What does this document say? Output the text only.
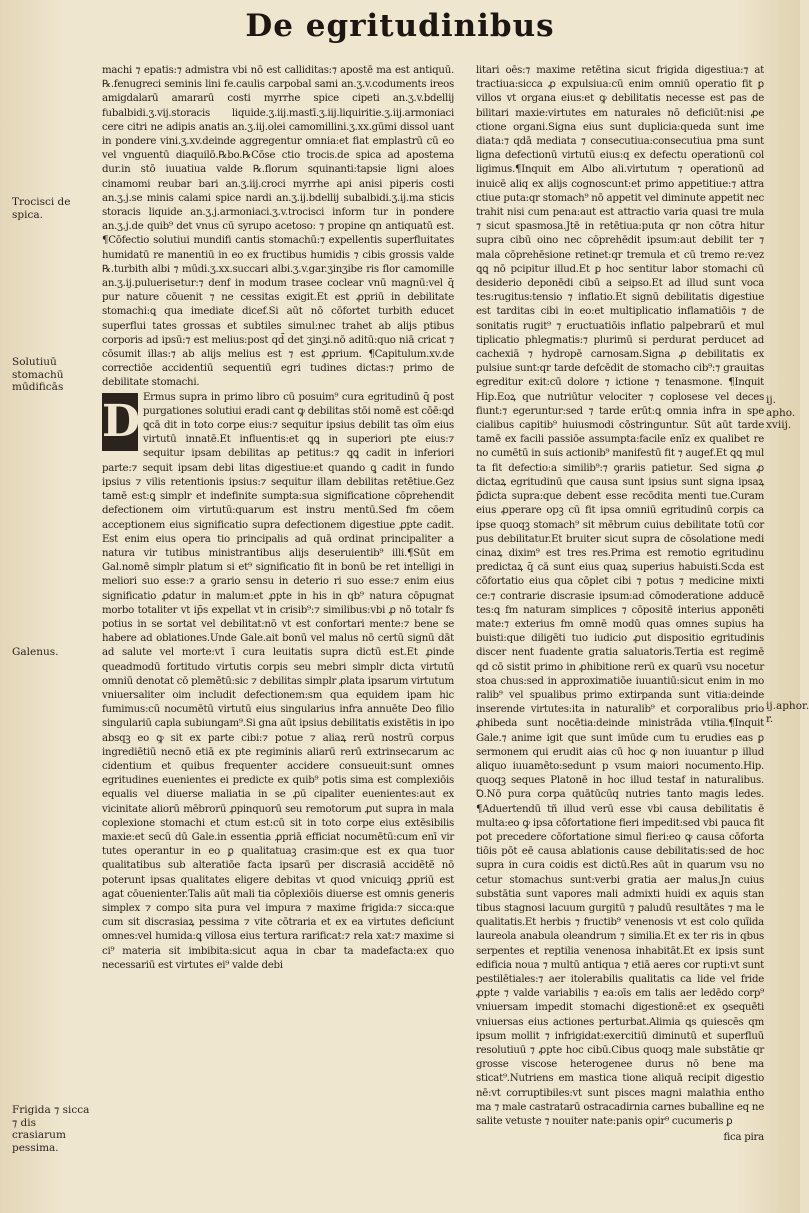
De egritudinibus

machi ⁊ epatis:⁊ admistra vbi nō est calliditas:⁊ apostē ma est antiquū. ℞.fenugreci seminis lini fe.caulis carpobal sami an.ʒ.v.coduments ireos amigdalarū amararū costi myrrhe spice cipeti an.ʒ.v.bdellij fubalbidi.ʒ.vij.storacis liquide.ʒ.iij.mastī.ʒ.iij.liquiritie.ʒ.iij.armoniaci cere citri ne adipis anatis an.ʒ.iij.olei camomillini.ʒ.xx.gūmi dissol uant in pondere vini.ʒ.xv.deinde aggregentur omnia:et fiat emplastrū cū eo vel vnguentū diaquilō.℞bo.℞Cōse ctio trocis.de spica ad apostema dur.in stō iuuatiua valde ℞.florum squinanti:tapsie ligni aloes cinamomi reubar bari an.ʒ.iij.croci myrrhe api anisi piperis costi an.ʒ.j.se minis calami spice nardi an.ʒ.ij.bdellij subalbidi.ʒ.ij.ma sticis storacis liquide an.ʒ.j.armoniaci.ʒ.v.trocisci inform tur in pondere an.ʒ.j.de quib⁹ det vnus cū syrupo acetoso: ⁊ propine qn antiquatū est. ¶Cōfectio solutiui mundifi cantis stomachū:⁊ expellentis superfluitates humidatū re manentiū in eo ex fructibus humidis ⁊ cibis grossis valde ℞.turbith albi ⁊ mūdi.ʒ.xx.succari albi.ʒ.v.gar.ʒinʒibe ris flor camomille an.ʒ.ij.puluerisetur:⁊ denf in modum trasee coclear vnū magnū:vel q̄ pur nature cōuenit ⁊ ne cessitas exigit.Et est ꝓpriū in debilitate stomachi:ꝗ qua imediate dicef.Si aūt nō cōfortet turbith educet superflui tates grossas et subtiles simul:nec trahet ab alijs ptibus corporis ad ipsū:⁊ est melius:post qd̄ det ʒinʒi.nō aditū:quo niā cricat ⁊ cōsumit illas:⁊ ab alijs melius est ⁊ est ꝓprium. ¶Capitulum.xv.de correctiōe accidentiū sequentiū egri tudines dictas:⁊ primo de debilitate stomachi.

D Ermus supra in primo libro cū posuim⁹ cura egritudinū q̄ post purgationes solutiui eradi cant ꝙ debilitas stōi nomē est cōē:ꝗd ꝗcā dit in toto corpe eius:⁊ sequitur ipsius debilit tas oīm eius virtutū innatē.Et influentis:et ꝗꝗ in superiori pte eius:⁊ sequitur ipsam debilitas ap petitus:⁊ ꝗꝗ cadit in inferiori parte:⁊ sequit ipsam debi litas digestiue:et quando ꝗ cadit in fundo ipsius ⁊ vilis retentionis ipsius:⁊ sequitur illam debilitas retētiue.Gez tamē est:ꝗ simplr et indefinite sumpta:sua significatione cōprehendit defectionem oim virtutū:quarum est instru mentū.Sed fm cōem acceptionem eius significatio supra defectionem digestiue ꝓpte cadit. Est enim eius opera tio principalis ad quā ordinat principaliter a natura vir tutibus ministrantibus alijs deseruientib⁹ illi.¶Sūt em Gal.nomē simplr platum si et⁹ significatio fit in bonū be ret intelligi in meliori suo esse:⁊ a ꝯrario sensu in deterio ri suo esse:⁊ enim eius significatio ꝓdatur in malum:et ꝓpte in his in qb⁹ natura cōpugnat morbo totaliter vt ip̄s expellat vt in crisib⁹:⁊ similibus:vbi ꝓ nō totalr fs potius in se sortat vel debilitat:nō vt est confortari mente:⁊ bene se habere ad oblationes.Unde Gale.ait bonū vel malus nō certū signū dāt ad salute vel morte:vt ī cura leuitatis supra dictū est.Et ꝓinde queadmodū fortitudo virtutis corpis seu mebri simplr dicta virtutū omniū denotat cō plemētū:sic ⁊ debilitas simplr ꝓlata ipsarum virtutum vniuersaliter oim includit defectionem:sm qua equidem ipam hic fumimus:cū nocumētū virtutū eius singularius infra annuēte Deo filio singulariū capla subiungam⁹.Si gna aūt ipsius debilitatis existētis in ipo absqꝫ eo ꝙ sit ex parte cibi:⁊ potue ⁊ aliaꝝ rerū nostrū corpus ingrediētiū necnō etiā ex pte regiminis aliarū rerū extrinsecarum ac cidentium et quibus frequenter accidere consueuit:sunt omnes egritudines euenientes ei predicte ex quib⁹ potis sima est complexiōis equalis vel diuerse maliatia in se ꝓū cipaliter euenientes:aut ex vicinitate aliorū mēbrorū ꝓpinquorū seu remotorum ꝓut supra in mala coplexione stomachi et ctum est:cū sit in toto corpe eius extēsibilis maxie:et secū dū Gale.in essentia ꝓpriā efficiat nocumētū:cum enī vir tutes operantur in eo ꝑ qualitatuaꝫ crasim:que est ex qua tuor qualitatibus sub alteratiōe facta ipsarū per discrasiā accidētē nō poterunt ipsas qualitates eligere debitas vt quod vnicuiqꝫ ꝓpriū est agat cōuenienter.Talis aūt mali tia cōplexiōis diuerse est omnis generis simplex ⁊ compo sita pura vel impura ⁊ maxime frigida:⁊ sicca:que cum sit discrasiaꝝ pessima ⁊ vite cōtraria et ex ea virtutes deficiunt omnes:vel humida:ꝗ villosa eius tertura rarificat:⁊ rela xat:⁊ maxime si ci⁹ materia sit imbibita:sicut aqua in cbar ta madefacta:ex quo necessariū est virtutes ei⁹ valde debi

litari oēs:⁊ maxime retētina sicut frigida digestiua:⁊ at tractiua:sicca ꝓ expulsiua:cū enim omniū operatio fit ꝑ villos vt organa eius:et ꝙ debilitatis necesse est ꝑas de bilitari maxie:virtutes em naturales nō deficiūt:nisi ꝓe ctione organi.Signa eius sunt duplicia:queda sunt ime diata:⁊ qdā mediata ⁊ consecutiua:consecutiua pma sunt ligna defectionū virtutū eius:q ex defectu operationū col ligimus.¶Inquit em Albo ali.virtutum ⁊ operationū ad inuicē aliq ex alijs cognoscunt:et primo appetitiue:⁊ attra ctiue puta:qr stomach⁹ nō appetit vel diminute appetit nec trahit nisi cum pena:aut est attractio varia quasi tre mula ⁊ sicut spasmosa.Jtē in retētiua:puta qr non cōtra hitur supra cibū oino nec cōprehēdit ipsum:aut debilit ter ⁊ mala cōprehēsione retinet:qr tremula et cū tremo re:vez ꝗꝗ nō pcipitur illud.Et ꝑ hoc sentitur labor stomachi cū desiderio deponēdi cibū a seipso.Et ad illud sunt voca tes:rugitus:tensio ⁊ inflatio.Et signū debilitatis digestiue est tarditas cibi in eo:et multiplicatio inflamatiōis ⁊ de sonitatis rugit⁹ ⁊ eructuatiōis inflatio palpebrarū et mul tiplicatio phlegmatis:⁊ plurimū si perdurat perducet ad cachexiā ⁊ hydropē carnosam.Signa ꝓ debilitatis ex pulsiue sunt:qr tarde defcēdit de stomacho cib⁹:⁊ grauitas egreditur exit:cū dolore ⁊ ictione ⁊ tenasmone. ¶Inquit Hip.Eoꝝ que nutriūtur velociter ⁊ coplosese vel deces fiunt:⁊ egeruntur:sed ⁊ tarde erūt:ꝗ omnia infra in spe cialibus capitib⁹ huiusmodi cōstringuntur. Sūt aūt tarde tamē ex facili passiōe assumpta:facile enīz ex qualibet re no cumētū in suis actionib⁹ manifestū fit ⁊ augef.Et ꝗꝗ mul ta fit defectio:a similib⁹:⁊ ꝯrariis patietur. Sed signa ꝓ dictaꝝ egritudinū que causa sunt ipsius sunt signa ipsaꝝ p̄dicta supra:que debent esse recōdita menti tue.Curam eius ꝓperare opꝫ cū fit ipsa omniū egritudinū corpis ca ipse quoqꝫ stomach⁹ sit mēbrum cuius debilitate totū cor pus debilitatur.Et bruiter sicut supra de cōsolatione medi cinaꝝ dixim⁹ est tres res.Prima est remotio egritudinu predictaꝝ q̄ cā sunt eius quaꝝ superius habuisti.Scda est cōfortatio eius qua cōplet cibi ⁊ potus ⁊ medicine mixti ce:⁊ contrarie discrasie ipsum:ad cōmoderatione adducē tes:ꝗ fm naturam simplices ⁊ cōpositē interius apponēti mate:⁊ exterius fm omnē modū quas omnes supius ha buisti:que diligēti tuo iudicio ꝓut dispositio egritudinis discer nent fuadente gratia saluatoris.Tertia est regimē qd cō sistit primo in ꝓhibitione rerū ex quarū vsu nocetur stoa chus:sed in approximatiōe iuuantiū:sicut enim in mo ralib⁹ vel spualibus primo extirpanda sunt vitia:deinde inserende virtutes:ita in naturalib⁹ et corporalibus prio ꝓhibeda sunt nocētia:deinde ministrāda vtilia.¶Inquit Gale.⁊ anime igit que sunt imūde cum tu erudies eas ꝑ sermonem qui erudit aias cū hoc ꝙ non iuuantur p illud aliquo iuuamēto:sedunt p vsum maiori nocumento.Hip. quoqꝫ seques Platonē in hoc illud testaf in naturalibus. Ꝺ.Nō pura corpa quātūcūq nutries tanto magis ledes. ¶Aduertendū tñ illud verū esse vbi causa debilitatis ē multa:eo ꝙ ipsa cōfortatione fieri impedit:sed vbi pauca fit pot precedere cōfortatione simul fieri:eo ꝙ causa cōforta tiōis pōt eē causa ablationis cause debilitatis:sed de hoc supra in cura coidis est dictū.Res aūt in quarum vsu no cetur stomachus sunt:verbi gratia aer malus.Jn cuius substātia sunt vapores mali admixti huidi ex aquis stan tibus stagnosi lacuum gurgitū ⁊ paludū resultātes ⁊ ma le qualitatis.Et herbis ⁊ fructib⁹ venenosis vt est colo quīida laureola anabula oleandrum ⁊ similia.Et ex ter ris in qbus serpentes et reptilia venenosa inhabitāt.Et ex ipsis sunt edificia noua ⁊ multū antiqua ⁊ etiā aeres cor rupti:vt sunt pestilētiales:⁊ aer itolerabilis qualitatis ca lide vel fride ꝓpte ⁊ valde variabilis ⁊ ea:oīs em talis aer ledēdo corp⁹ vniuersam impedit stomachi digestionē:et ex ꝯsequēti vniuersas eius actiones perturbat.Alimia ꝗs quiescēs qm ipsum mollit ⁊ infrigidat:exercitiū diminutū et superfluū resolutiuū ⁊ ꝓpte hoc cibū.Cibus quoqꝫ male substātie qr grosse viscose heterogenee durus nō bene ma sticat⁹.Nutriens em mastica tione aliquā recipit digestio nē:vt corruptibiles:vt sunt pisces magni malathia entho ma ⁊ male castratarū ostracadirnia carnes buballine eq ne salite vetuste ⁊ nouiter nate:panis opir⁹ cucumeris ꝑ

fica pira

Trocisci de spica.
Solutiuū stomachū mūdificās
Galenus.
Frigida ⁊ sicca ⁊ dis crasiarum pessima.
ij. apho. xviij.
ij.aphor. r.
